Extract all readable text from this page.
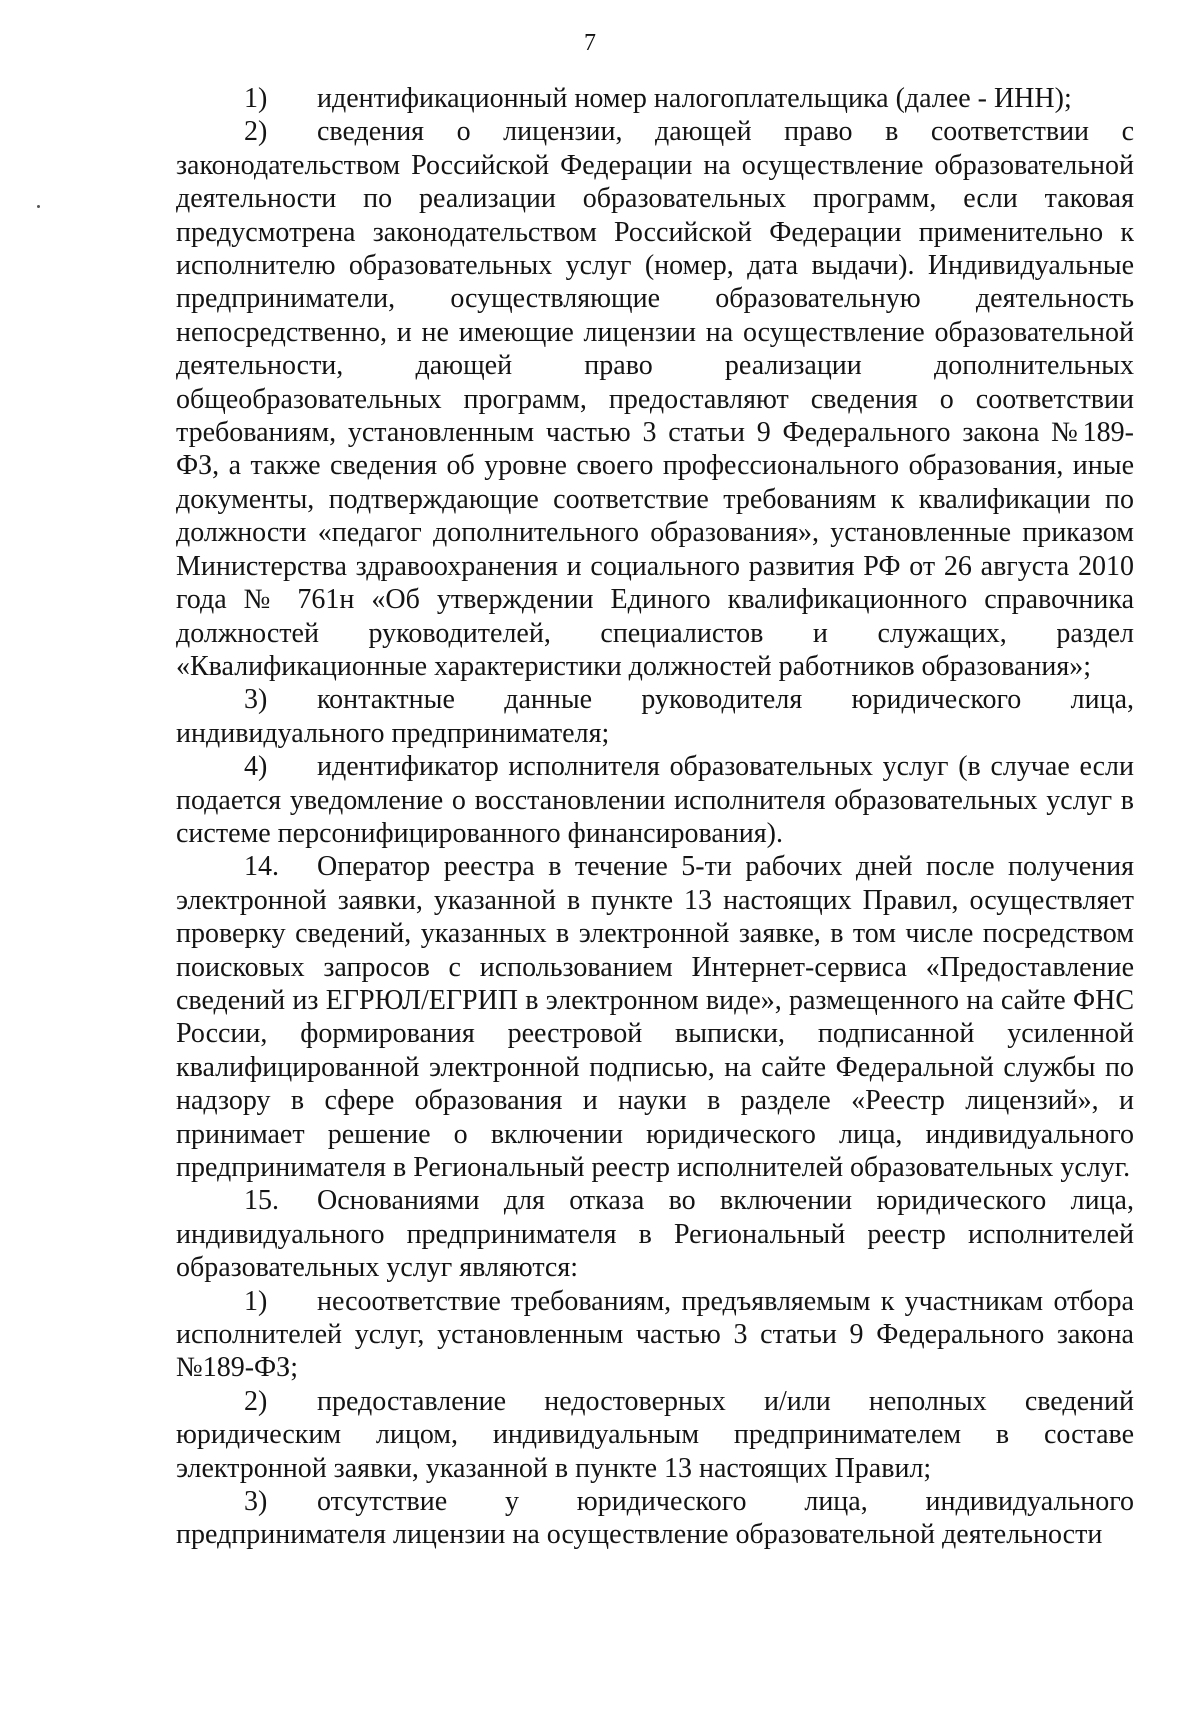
7

1) идентификационный номер налогоплательщика (далее - ИНН);

2) сведения о лицензии, дающей право в соответствии с законодательством Российской Федерации на осуществление образовательной деятельности по реализации образовательных программ, если таковая предусмотрена законодательством Российской Федерации применительно к исполнителю образовательных услуг (номер, дата выдачи). Индивидуальные предприниматели, осуществляющие образовательную деятельность непосредственно, и не имеющие лицензии на осуществление образовательной деятельности, дающей право реализации дополнительных общеобразовательных программ, предоставляют сведения о соответствии требованиям, установленным частью 3 статьи 9 Федерального закона №189-ФЗ, а также сведения об уровне своего профессионального образования, иные документы, подтверждающие соответствие требованиям к квалификации по должности «педагог дополнительного образования», установленные приказом Министерства здравоохранения и социального развития РФ от 26 августа 2010 года № 761н «Об утверждении Единого квалификационного справочника должностей руководителей, специалистов и служащих, раздел «Квалификационные характеристики должностей работников образования»;

3) контактные данные руководителя юридического лица, индивидуального предпринимателя;

4) идентификатор исполнителя образовательных услуг (в случае если подается уведомление о восстановлении исполнителя образовательных услуг в системе персонифицированного финансирования).

14. Оператор реестра в течение 5-ти рабочих дней после получения электронной заявки, указанной в пункте 13 настоящих Правил, осуществляет проверку сведений, указанных в электронной заявке, в том числе посредством поисковых запросов с использованием Интернет-сервиса «Предоставление сведений из ЕГРЮЛ/ЕГРИП в электронном виде», размещенного на сайте ФНС России, формирования реестровой выписки, подписанной усиленной квалифицированной электронной подписью, на сайте Федеральной службы по надзору в сфере образования и науки в разделе «Реестр лицензий», и принимает решение о включении юридического лица, индивидуального предпринимателя в Региональный реестр исполнителей образовательных услуг.

15. Основаниями для отказа во включении юридического лица, индивидуального предпринимателя в Региональный реестр исполнителей образовательных услуг являются:

1) несоответствие требованиям, предъявляемым к участникам отбора исполнителей услуг, установленным частью 3 статьи 9 Федерального закона №189-ФЗ;

2) предоставление недостоверных и/или неполных сведений юридическим лицом, индивидуальным предпринимателем в составе электронной заявки, указанной в пункте 13 настоящих Правил;

3) отсутствие у юридического лица, индивидуального предпринимателя лицензии на осуществление образовательной деятельности
